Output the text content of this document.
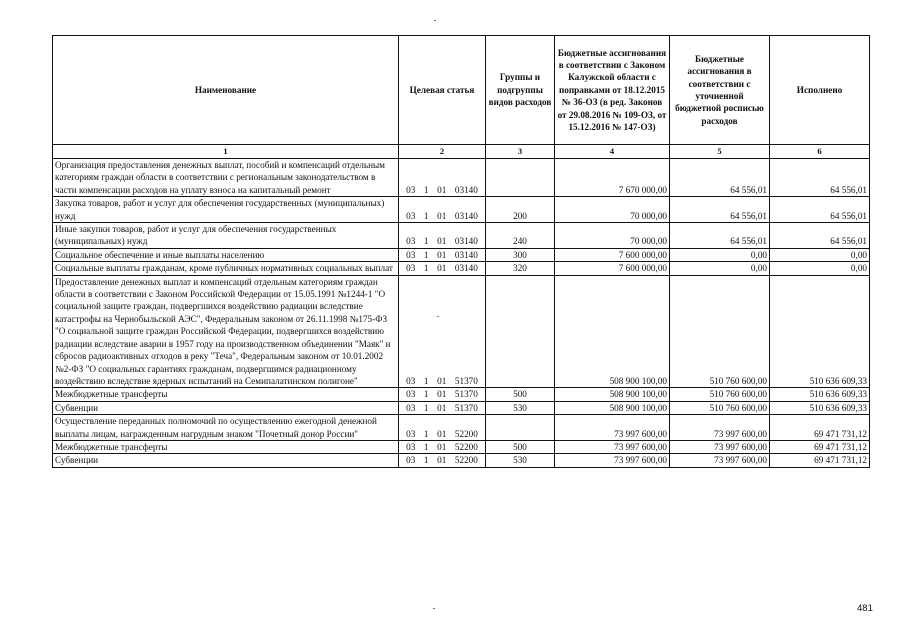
Наименование	Целевая статья	Группы и подгруппы видов расходов	Бюджетные ассигнования в соответствии с Законом Калужской области с поправками от 18.12.2015 № 36-ОЗ (в ред. Законов от 29.08.2016 № 109-ОЗ, от 15.12.2016 № 147-ОЗ)	Бюджетные ассигнования в соответствии с уточненной бюджетной росписью расходов	Исполнено
1	2	3	4	5	6
Организация предоставления денежных выплат, пособий и компенсаций отдельным категориям граждан области в соответствии с региональным законодательством в части компенсации расходов на уплату взноса на капитальный ремонт	03  1  01  03140		7 670 000,00	64 556,01	64 556,01
Закупка товаров, работ и услуг для обеспечения государственных (муниципальных) нужд	03  1  01  03140	200	70 000,00	64 556,01	64 556,01
Иные закупки товаров, работ и услуг для обеспечения государственных (муниципальных) нужд	03  1  01  03140	240	70 000,00	64 556,01	64 556,01
Социальное обеспечение и иные выплаты населению	03  1  01  03140	300	7 600 000,00	0,00	0,00
Социальные выплаты гражданам, кроме публичных нормативных социальных выплат	03  1  01  03140	320	7 600 000,00	0,00	0,00
Предоставление денежных выплат и компенсаций отдельным категориям граждан области в соответствии с Законом Российской Федерации от 15.05.1991 №1244-1 "О социальной защите граждан, подвергшихся воздействию радиации вследствие катастрофы на Чернобыльской АЭС", Федеральным законом от 26.11.1998 №175-ФЗ "О социальной защите граждан Российской Федерации, подвергшихся воздействию радиации вследствие аварии в 1957 году на производственном объединении "Маяк" и сбросов радиоактивных отходов в реку "Теча", Федеральным законом от 10.01.2002 №2-ФЗ "О социальных гарантиях гражданам, подвергшимся радиационному воздействию вследствие ядерных испытаний на Семипалатинском полигоне"	03  1  01  51370		508 900 100,00	510 760 600,00	510 636 609,33
Межбюджетные трансферты	03  1  01  51370	500	508 900 100,00	510 760 600,00	510 636 609,33
Субвенции	03  1  01  51370	530	508 900 100,00	510 760 600,00	510 636 609,33
Осуществление переданных полномочий по осуществлению ежегодной денежной выплаты лицам, награжденным нагрудным знаком "Почетный донор России"	03  1  01  52200		73 997 600,00	73 997 600,00	69 471 731,12
Межбюджетные трансферты	03  1  01  52200	500	73 997 600,00	73 997 600,00	69 471 731,12
Субвенции	03  1  01  52200	530	73 997 600,00	73 997 600,00	69 471 731,12
481
